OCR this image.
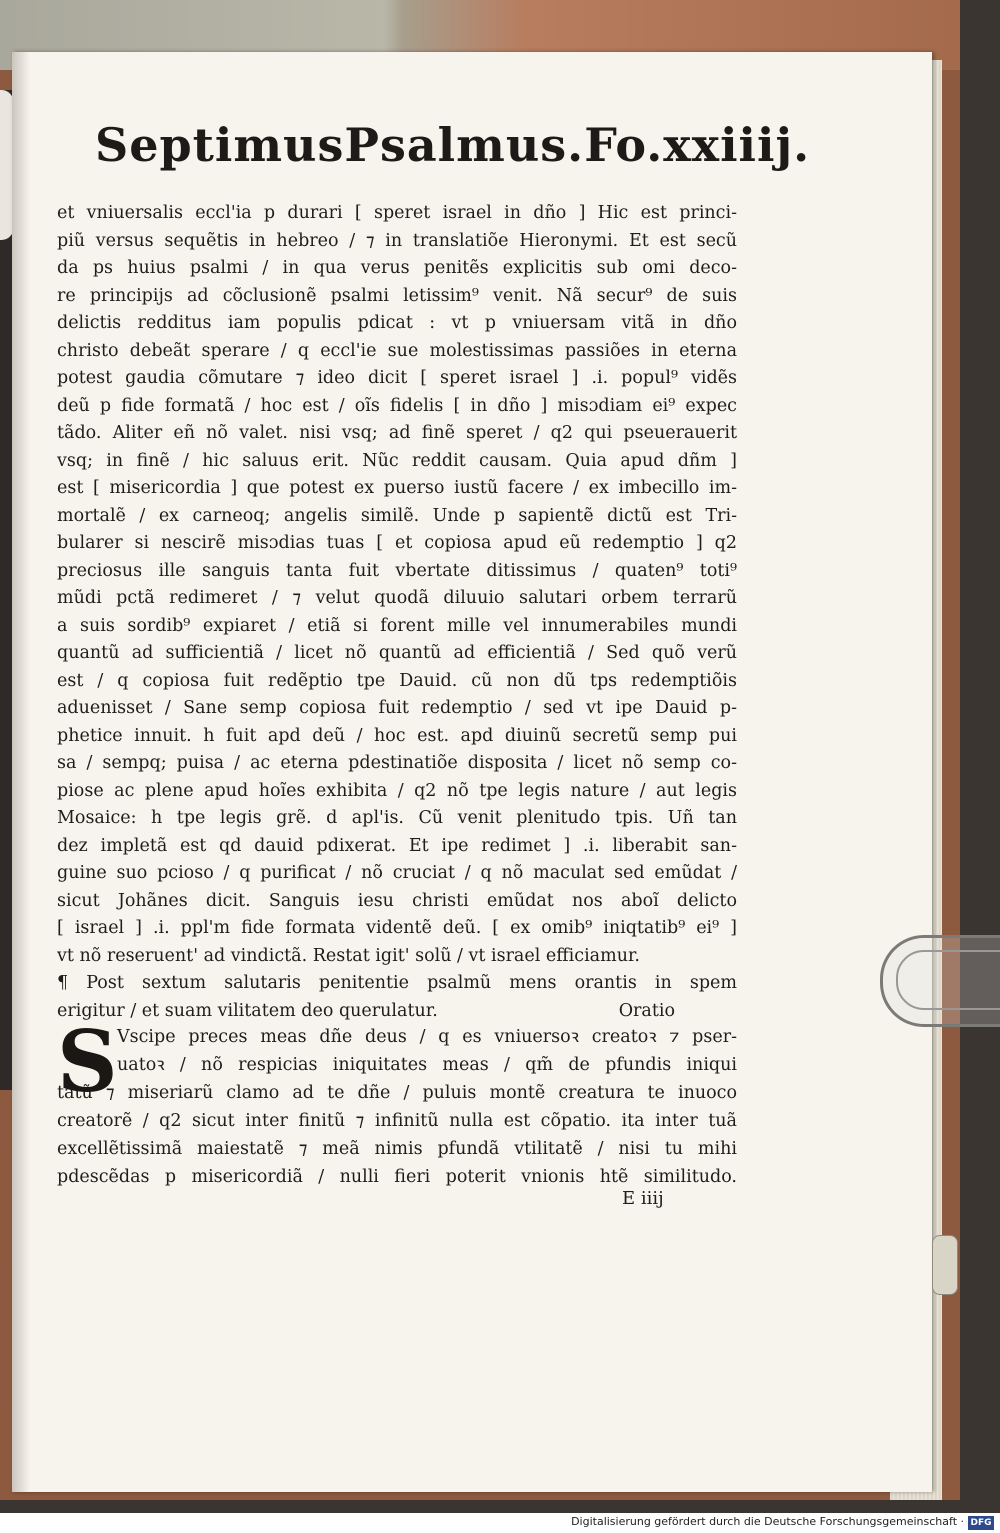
Septimus Psalmus. Fo.xxiiij.
et vniuersalis eccl'ia p durari [ speret israel in dño ] Hic est princi-
piũ versus sequẽtis in hebreo / ⁊ in translatiõe Hieronymi. Et est secũ
da ps huius psalmi / in qua verus penitẽs explicitis sub omi deco-
re principijs ad cõclusionẽ psalmi letissim⁹ venit. Nã secur⁹ de suis
delictis redditus iam populis pdicat : vt p vniuersam vitã in dño
christo debeãt sperare / q eccl'ie sue molestissimas passiões in eterna
potest gaudia cõmutare ⁊ ideo dicit [ speret israel ] .i. popul⁹ vidẽs
deũ p fide formatã / hoc est / oĩs fidelis [ in dño ] misɔdiam ei⁹ expec
tãdo. Aliter eñ nõ valet. nisi vsq; ad finẽ speret / q2 qui pseuerauerit
vsq; in finẽ / hic saluus erit. Nũc reddit causam. Quia apud dñm ]
est [ misericordia ] que potest ex puerso iustũ facere / ex imbecillo im-
mortalẽ / ex carneoq; angelis similẽ. Unde p sapientẽ dictũ est Tri-
bularer si nescirẽ misɔdias tuas [ et copiosa apud eũ redemptio ] q2
preciosus ille sanguis tanta fuit vbertate ditissimus / quaten⁹ toti⁹
mũdi pctã redimeret / ⁊ velut quodã diluuio salutari orbem terrarũ
a suis sordib⁹ expiaret / etiã si forent mille vel innumerabiles mundi
quantũ ad sufficientiã / licet nõ quantũ ad efficientiã / Sed quõ verũ
est / q copiosa fuit redẽptio tpe Dauid. cũ non dũ tps redemptiõis
aduenisset / Sane semp copiosa fuit redemptio / sed vt ipe Dauid p-
phetice innuit. h fuit apd deũ / hoc est. apd diuinũ secretũ semp pui
sa / sempq; puisa / ac eterna pdestinatiõe disposita / licet nõ semp co-
piose ac plene apud hoĩes exhibita / q2 nõ tpe legis nature / aut legis
Mosaice: h tpe legis grẽ. d apl'is. Cũ venit plenitudo tpis. Uñ tan
dez impletã est qd dauid pdixerat. Et ipe redimet ] .i. liberabit san-
guine suo pcioso / q purificat / nõ cruciat / q nõ maculat sed emũdat /
sicut Johãnes dicit. Sanguis iesu christi emũdat nos aboĩ delicto
[ israel ] .i. ppl'm fide formata videntẽ deũ. [ ex omib⁹ iniqtatib⁹ ei⁹ ]
vt nõ reseruent' ad vindictã. Restat igit' solũ / vt israel efficiamur.
¶ Post sextum salutaris penitentie psalmũ mens orantis in spem
erigitur / et suam vilitatem deo querulatur.	Oratio
S Vscipe preces meas dñe deus / q es vniuersoꝛ creatoꝛ ⁊ pser-
uatoꝛ / nõ respicias iniquitates meas / qm̃ de pfundis iniqui
tatũ ⁊ miseriarũ clamo ad te dñe / puluis montẽ creatura te inuoco
creatorẽ / q2 sicut inter finitũ ⁊ infinitũ nulla est cõpatio. ita inter tuã
excellẽtissimã maiestatẽ ⁊ meã nimis pfundã vtilitatẽ / nisi tu mihi
pdescẽdas p misericordiã / nulli fieri poterit vnionis htẽ similitudo.
E iiij
Digitalisierung gefördert durch die Deutsche Forschungsgemeinschaft · DFG
